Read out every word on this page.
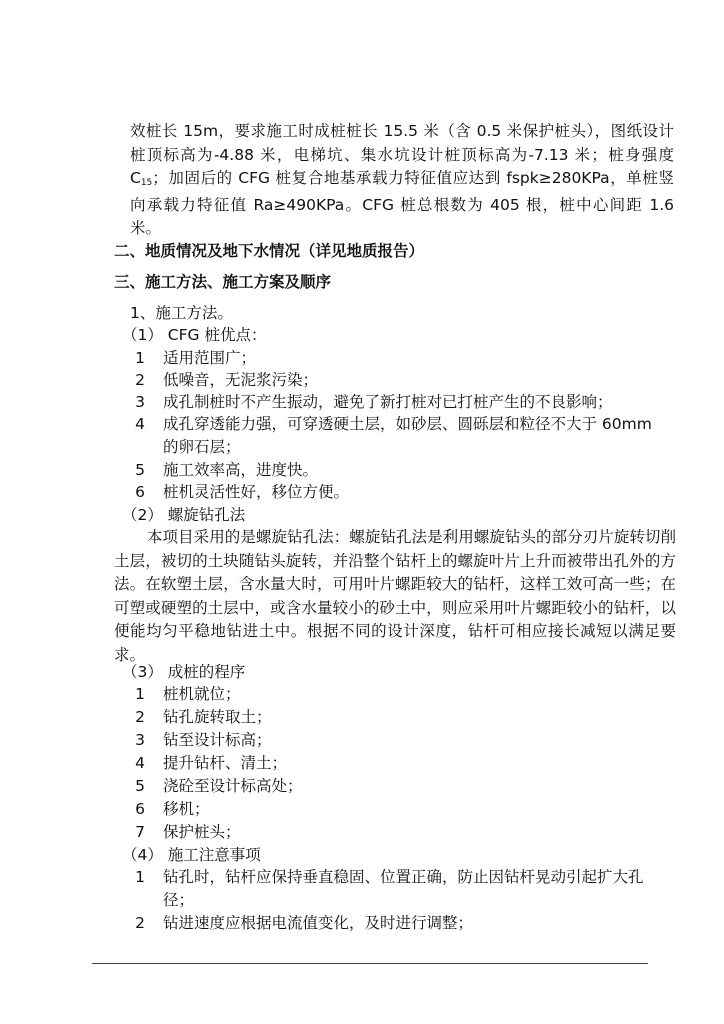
效桩长 15m，要求施工时成桩桩长 15.5 米（含 0.5 米保护桩头），图纸设计桩顶标高为-4.88 米，电梯坑、集水坑设计桩顶标高为-7.13 米；桩身强度 $C_{15}$；加固后的 CFG 桩复合地基承载力特征值应达到 fspk≥280KPa，单桩竖向承载力特征值 Ra≥490KPa。CFG 桩总根数为 405 根，桩中心间距 1.6 米。
二、地质情况及地下水情况（详见地质报告）
三、施工方法、施工方案及顺序
1、施工方法。
（1） CFG 桩优点：
1 适用范围广；
2 低噪音，无泥浆污染；
3 成孔制桩时不产生振动，避免了新打桩对已打桩产生的不良影响；
4 成孔穿透能力强，可穿透硬土层，如砂层、圆砾层和粒径不大于 60mm 的卵石层；
5 施工效率高，进度快。
6 桩机灵活性好，移位方便。
（2） 螺旋钻孔法
本项目采用的是螺旋钻孔法：螺旋钻孔法是利用螺旋钻头的部分刃片旋转切削土层，被切的土块随钻头旋转，并沿整个钻杆上的螺旋叶片上升而被带出孔外的方法。在软塑土层，含水量大时，可用叶片螺距较大的钻杆，这样工效可高一些；在可塑或硬塑的土层中，或含水量较小的砂土中，则应采用叶片螺距较小的钻杆，以便能均匀平稳地钻进土中。根据不同的设计深度，钻杆可相应接长减短以满足要求。
（3） 成桩的程序
1 桩机就位；
2 钻孔旋转取土；
3 钻至设计标高；
4 提升钻杆、清土；
5 浇砼至设计标高处；
6 移机；
7 保护桩头；
（4） 施工注意事项
1 钻孔时，钻杆应保持垂直稳固、位置正确，防止因钻杆晃动引起扩大孔径；
2 钻进速度应根据电流值变化，及时进行调整；
